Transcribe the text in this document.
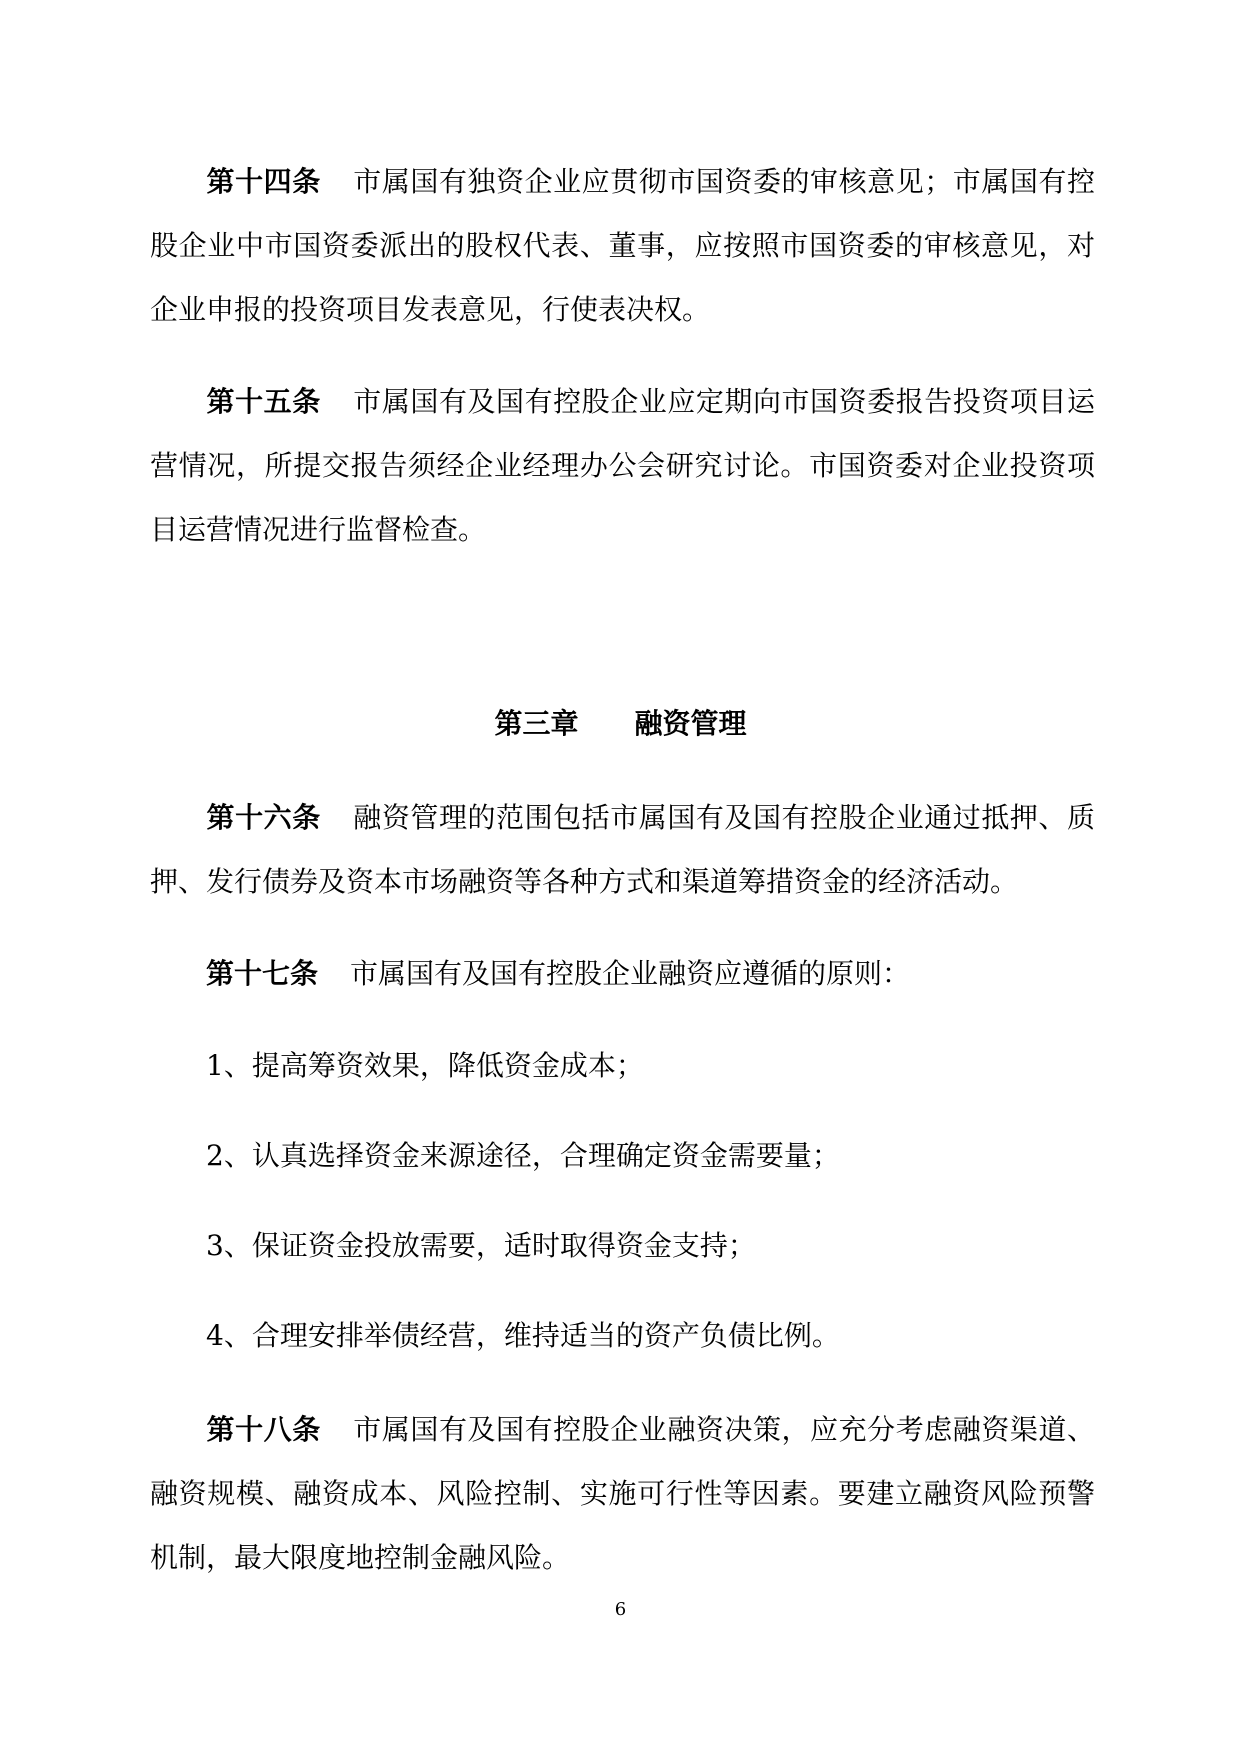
第十四条 市属国有独资企业应贯彻市国资委的审核意见；市属国有控股企业中市国资委派出的股权代表、董事，应按照市国资委的审核意见，对企业申报的投资项目发表意见，行使表决权。

第十五条 市属国有及国有控股企业应定期向市国资委报告投资项目运营情况，所提交报告须经企业经理办公会研究讨论。市国资委对企业投资项目运营情况进行监督检查。

第三章 融资管理

第十六条 融资管理的范围包括市属国有及国有控股企业通过抵押、质押、发行债券及资本市场融资等各种方式和渠道筹措资金的经济活动。

第十七条 市属国有及国有控股企业融资应遵循的原则：

1、提高筹资效果，降低资金成本；

2、认真选择资金来源途径，合理确定资金需要量；

3、保证资金投放需要，适时取得资金支持；

4、合理安排举债经营，维持适当的资产负债比例。

第十八条 市属国有及国有控股企业融资决策，应充分考虑融资渠道、融资规模、融资成本、风险控制、实施可行性等因素。要建立融资风险预警机制，最大限度地控制金融风险。

6
